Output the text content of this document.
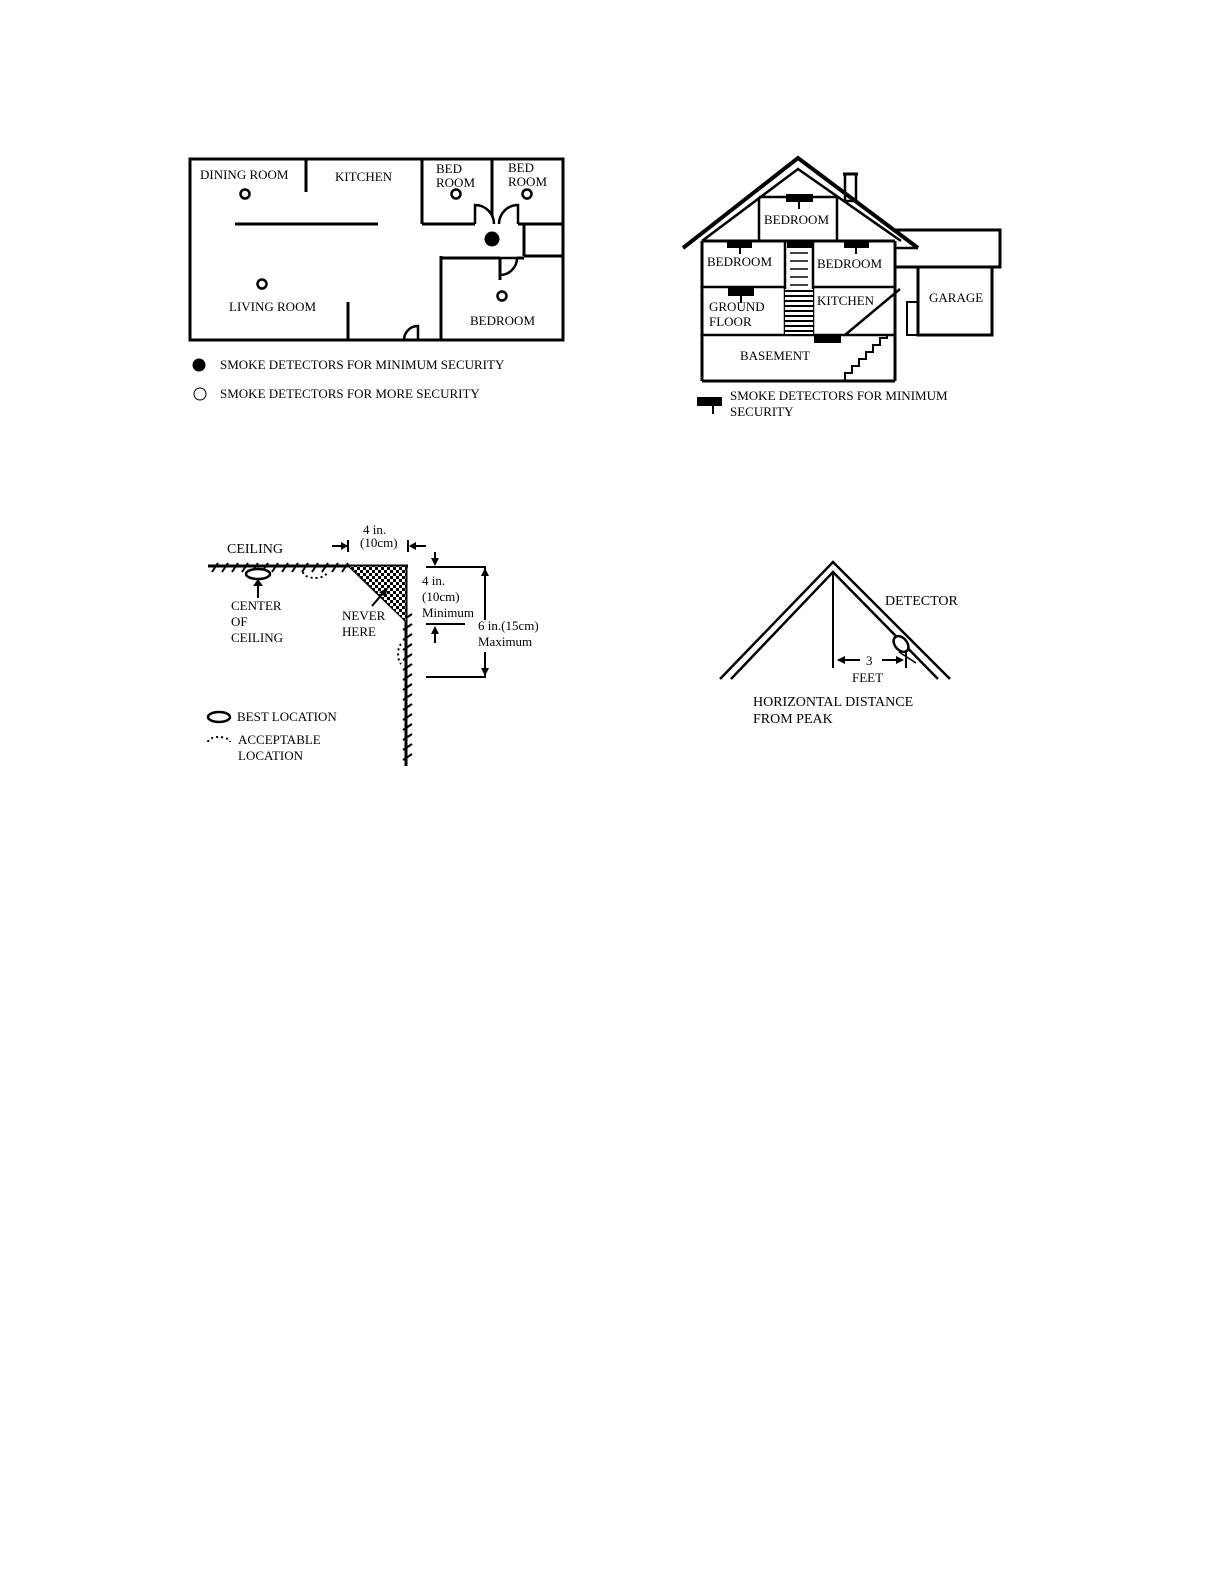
DINING ROOM	KITCHEN
BED
ROOM
BED
ROOM
LIVING ROOM
BEDROOM
SMOKE DETECTORS FOR MINIMUM SECURITY
SMOKE DETECTORS FOR MORE SECURITY
BEDROOM
BEDROOM	BEDROOM
GROUND
FLOOR
KITCHEN	GARAGE
BASEMENT
SMOKE DETECTORS FOR MINIMUM
SECURITY
CEILING
CENTER
OF
CEILING
NEVER
HERE
4 in.
(10cm)
4 in.
(10cm)
Minimum
6 in.(15cm)
Maximum
BEST LOCATION
ACCEPTABLE
LOCATION
DETECTOR
3
FEET
HORIZONTAL DISTANCE
FROM PEAK
